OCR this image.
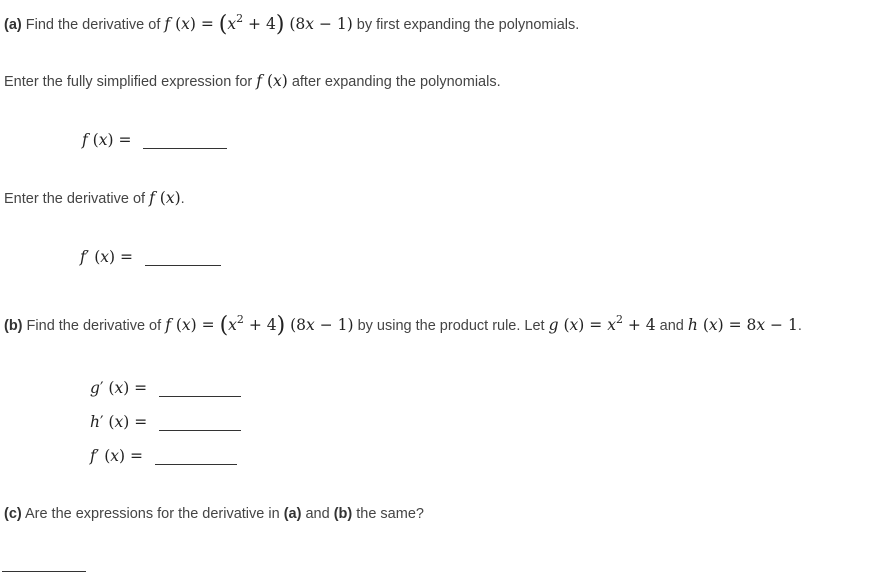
(a) Find the derivative of f $(x) = (x^2 + 4) (8x - 1)$ by first expanding the polynomials.
Enter the fully simplified expression for f (x) after expanding the polynomials.
f (x) =
Enter the derivative of f (x).
f′ (x) =
(b) Find the derivative of f $(x) = (x^2 + 4) (8x - 1)$ by using the product rule. Let g $(x) = x^2 + 4$ and h (x) = 8x − 1.
g′ (x) =
h′ (x) =
f′ (x) =
(c) Are the expressions for the derivative in (a) and (b) the same?
